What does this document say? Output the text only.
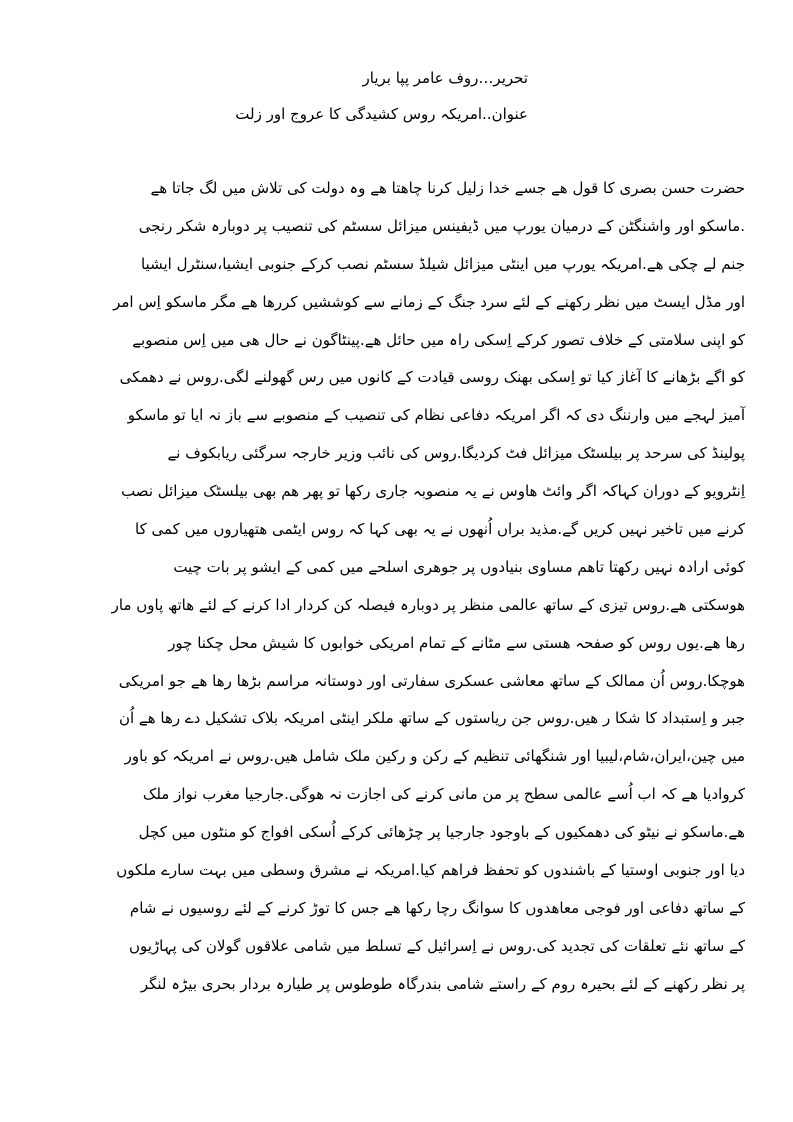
تحریر…روف عامر پپا بریار
عنوان..امریکہ روس کشیدگی کا عروج اور زلت
حضرت حسن بصری کا قول ھے جسے خدا زلیل کرنا چاھتا ھے وہ دولت کی تلاش میں لگ جاتا ھے
.ماسکو اور واشنگٹن کے درمیان یورپ میں ڈیفینس میزائل سسٹم کی تنصیب پر دوبارہ شکر رنجی
جنم لے چکی ھے.امریکہ یورپ میں اینٹی میزائل شیلڈ سسٹم نصب کرکے جنوبی ایشیا،سنٹرل ایشیا
اور مڈل ایسٹ میں نظر رکھنے کے لئے سرد جنگ کے زمانے سے کوششیں کررھا ھے مگر ماسکو اِس امر
کو اپنی سلامتی کے خلاف تصور کرکے اِسکی راہ میں حائل ھے.پینٹاگون نے حال ھی میں اِس منصوبے
کو اگے بڑھانے کا آغاز کیا تو اِسکی بھنک روسی قیادت کے کانوں میں رس گھولنے لگی.روس نے دھمکی
آمیز لہجے میں وارننگ دی کہ اگر امریکہ دفاعی نظام کی تنصیب کے منصوبے سے باز نہ ایا تو ماسکو
پولینڈ کی سرحد پر بیلسٹک میزائل فٹ کردیگا.روس کی نائب وزیر خارجہ سرگئی ریابکوف نے
اِنٹرویو کے دوران کہاکہ اگر وائٹ ھاوس نے یہ منصوبہ جاری رکھا تو پھر ھم بھی بیلسٹک میزائل نصب
کرنے میں تاخیر نہیں کریں گے.مذید براں اُنھوں نے یہ بھی کہا کہ روس ایٹمی ھتھیاروں میں کمی کا
کوئی ارادہ نہیں رکھتا تاھم مساوی بنیادوں پر جوھری اسلحے میں کمی کے ایشو پر بات چیت
ھوسکتی ھے.روس تیزی کے ساتھ عالمی منظر پر دوبارہ فیصلہ کن کردار ادا کرنے کے لئے ھاتھ پاوں مار
رھا ھے.یوں روس کو صفحہ ھستی سے مٹانے کے تمام امریکی خوابوں کا شیش محل چکنا چور
ھوچکا.روس اُن ممالک کے ساتھ معاشی عسکری سفارتی اور دوستانہ مراسم بڑھا رھا ھے جو امریکی
جبر و اِستبداد کا شکا ر ھیں.روس جن ریاستوں کے ساتھ ملکر اینٹی امریکہ بلاک تشکیل دے رھا ھے اُن
میں چین،ایران،شام،لیبیا اور شنگھائی تنظیم کے رکن و رکین ملک شامل ھیں.روس نے امریکہ کو باور
کروادیا ھے کہ اب اُسے عالمی سطح پر من مانی کرنے کی اجازت نہ ھوگی.جارجیا مغرب نواز ملک
ھے.ماسکو نے نیٹو کی دھمکیوں کے باوجود جارجیا پر چڑھائی کرکے اُسکی افواج کو منٹوں میں کچل
دیا اور جنوبی اوستیا کے باشندوں کو تحفظ فراھم کیا.امریکہ نے مشرق وسطی میں بہت سارے ملکوں
کے ساتھ دفاعی اور فوجی معاھدوں کا سوانگ رچا رکھا ھے جس کا توڑ کرنے کے لئے روسیوں نے شام
کے ساتھ نئے تعلقات کی تجدید کی.روس نے اِسرائیل کے تسلط میں شامی علاقوں گولان کی پہاڑیوں
پر نظر رکھنے کے لئے بحیرہ روم کے راستے شامی بندرگاہ طوطوس پر طیارہ بردار بحری بیڑہ لنگر
